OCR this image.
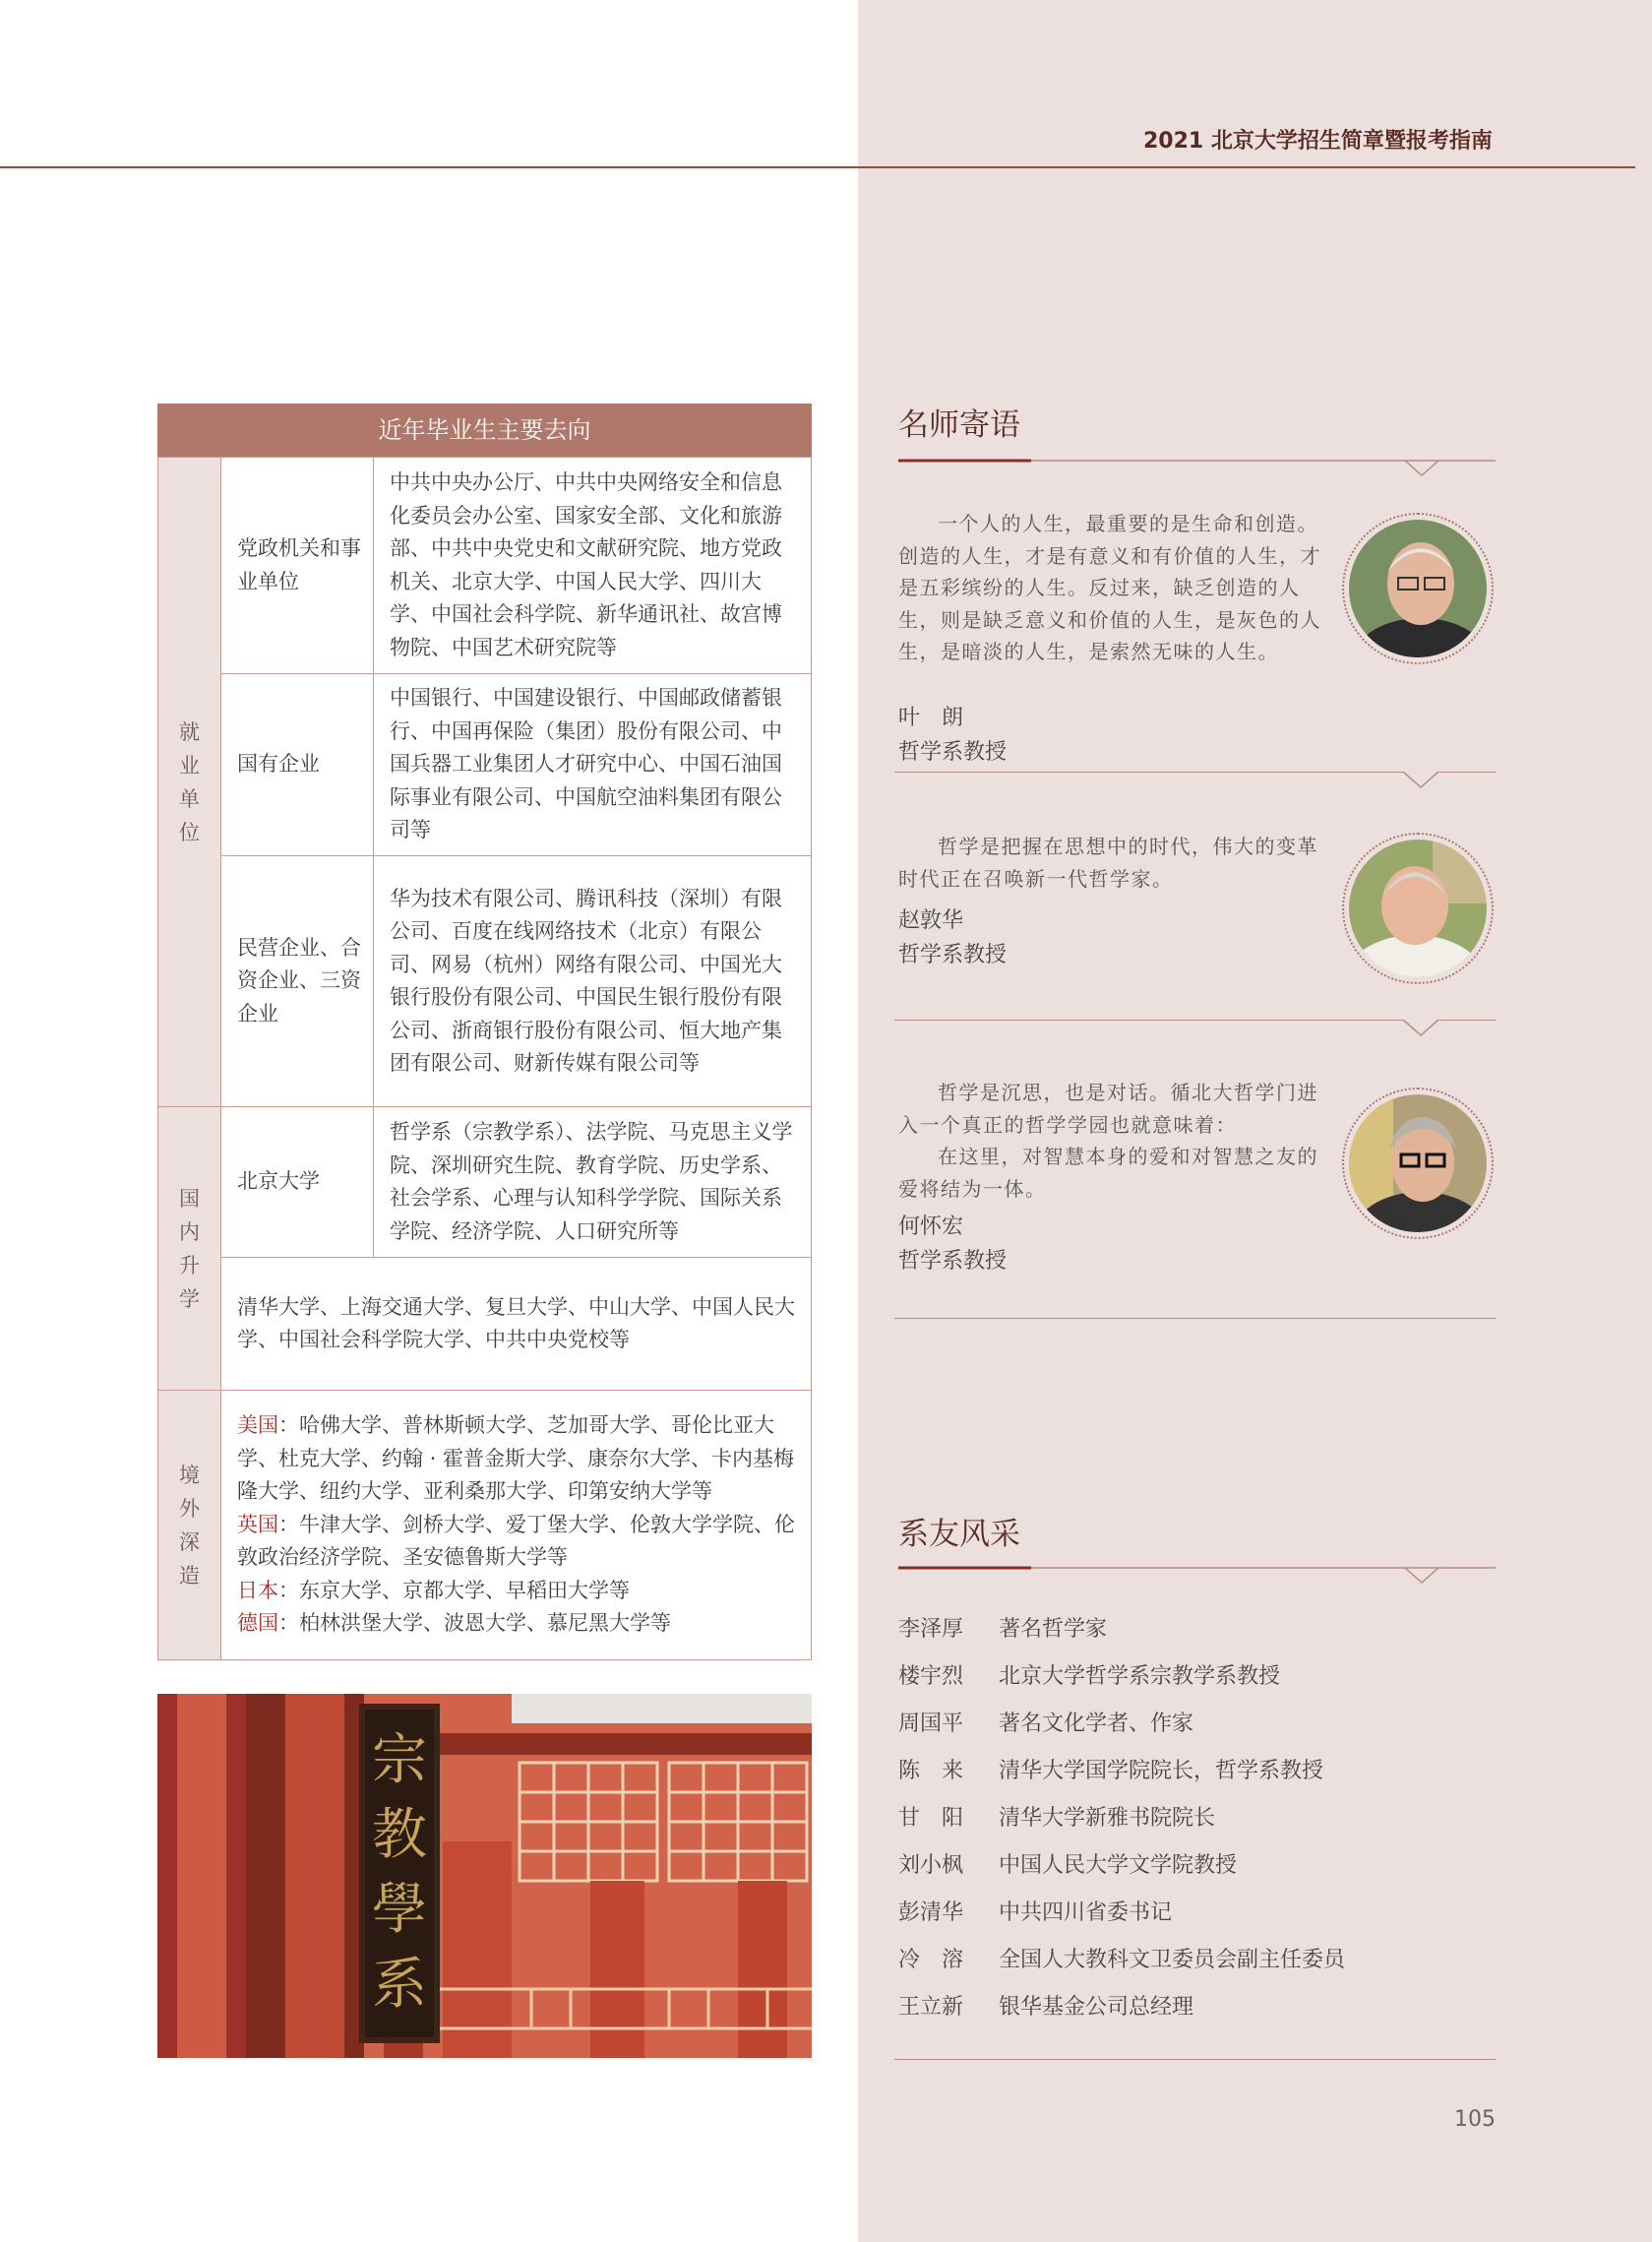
2021 北京大学招生简章暨报考指南
近年毕业生主要去向
就业单位	党政机关和事业单位	中共中央办公厅、中共中央网络安全和信息化委员会办公室、国家安全部、文化和旅游部、中共中央党史和文献研究院、地方党政机关、北京大学、中国人民大学、四川大学、中国社会科学院、新华通讯社、故宫博物院、中国艺术研究院等
	国有企业	中国银行、中国建设银行、中国邮政储蓄银行、中国再保险（集团）股份有限公司、中国兵器工业集团人才研究中心、中国石油国际事业有限公司、中国航空油料集团有限公司等
	民营企业、合资企业、三资企业	华为技术有限公司、腾讯科技（深圳）有限公司、百度在线网络技术（北京）有限公司、网易（杭州）网络有限公司、中国光大银行股份有限公司、中国民生银行股份有限公司、浙商银行股份有限公司、恒大地产集团有限公司、财新传媒有限公司等

国内升学	北京大学	哲学系（宗教学系）、法学院、马克思主义学院、深圳研究生院、教育学院、历史学系、社会学系、心理与认知科学学院、国际关系学院、经济学院、人口研究所等
	清华大学、上海交通大学、复旦大学、中山大学、中国人民大学、中国社会科学院大学、中共中央党校等	

境外深造	美国：哈佛大学、普林斯顿大学、芝加哥大学、哥伦比亚大学、杜克大学、约翰 · 霍普金斯大学、康奈尔大学、卡内基梅隆大学、纽约大学、亚利桑那大学、印第安纳大学等
英国：牛津大学、剑桥大学、爱丁堡大学、伦敦大学学院、伦敦政治经济学院、圣安德鲁斯大学等
日本：东京大学、京都大学、早稻田大学等
德国：柏林洪堡大学、波恩大学、慕尼黑大学等	
宗教學系
名师寄语
一个人的人生，最重要的是生命和创造。创造的人生，才是有意义和有价值的人生，才是五彩缤纷的人生。反过来，缺乏创造的人生，则是缺乏意义和价值的人生，是灰色的人生，是暗淡的人生，是索然无味的人生。
叶　朗
哲学系教授
哲学是把握在思想中的时代，伟大的变革时代正在召唤新一代哲学家。
赵敦华
哲学系教授
哲学是沉思，也是对话。循北大哲学门进入一个真正的哲学学园也就意味着：
在这里，对智慧本身的爱和对智慧之友的爱将结为一体。
何怀宏
哲学系教授
系友风采
李泽厚	著名哲学家
楼宇烈	北京大学哲学系宗教学系教授
周国平	著名文化学者、作家
陈　来	清华大学国学院院长，哲学系教授
甘　阳	清华大学新雅书院院长
刘小枫	中国人民大学文学院教授
彭清华	中共四川省委书记
冷　溶	全国人大教科文卫委员会副主任委员
王立新	银华基金公司总经理
105
